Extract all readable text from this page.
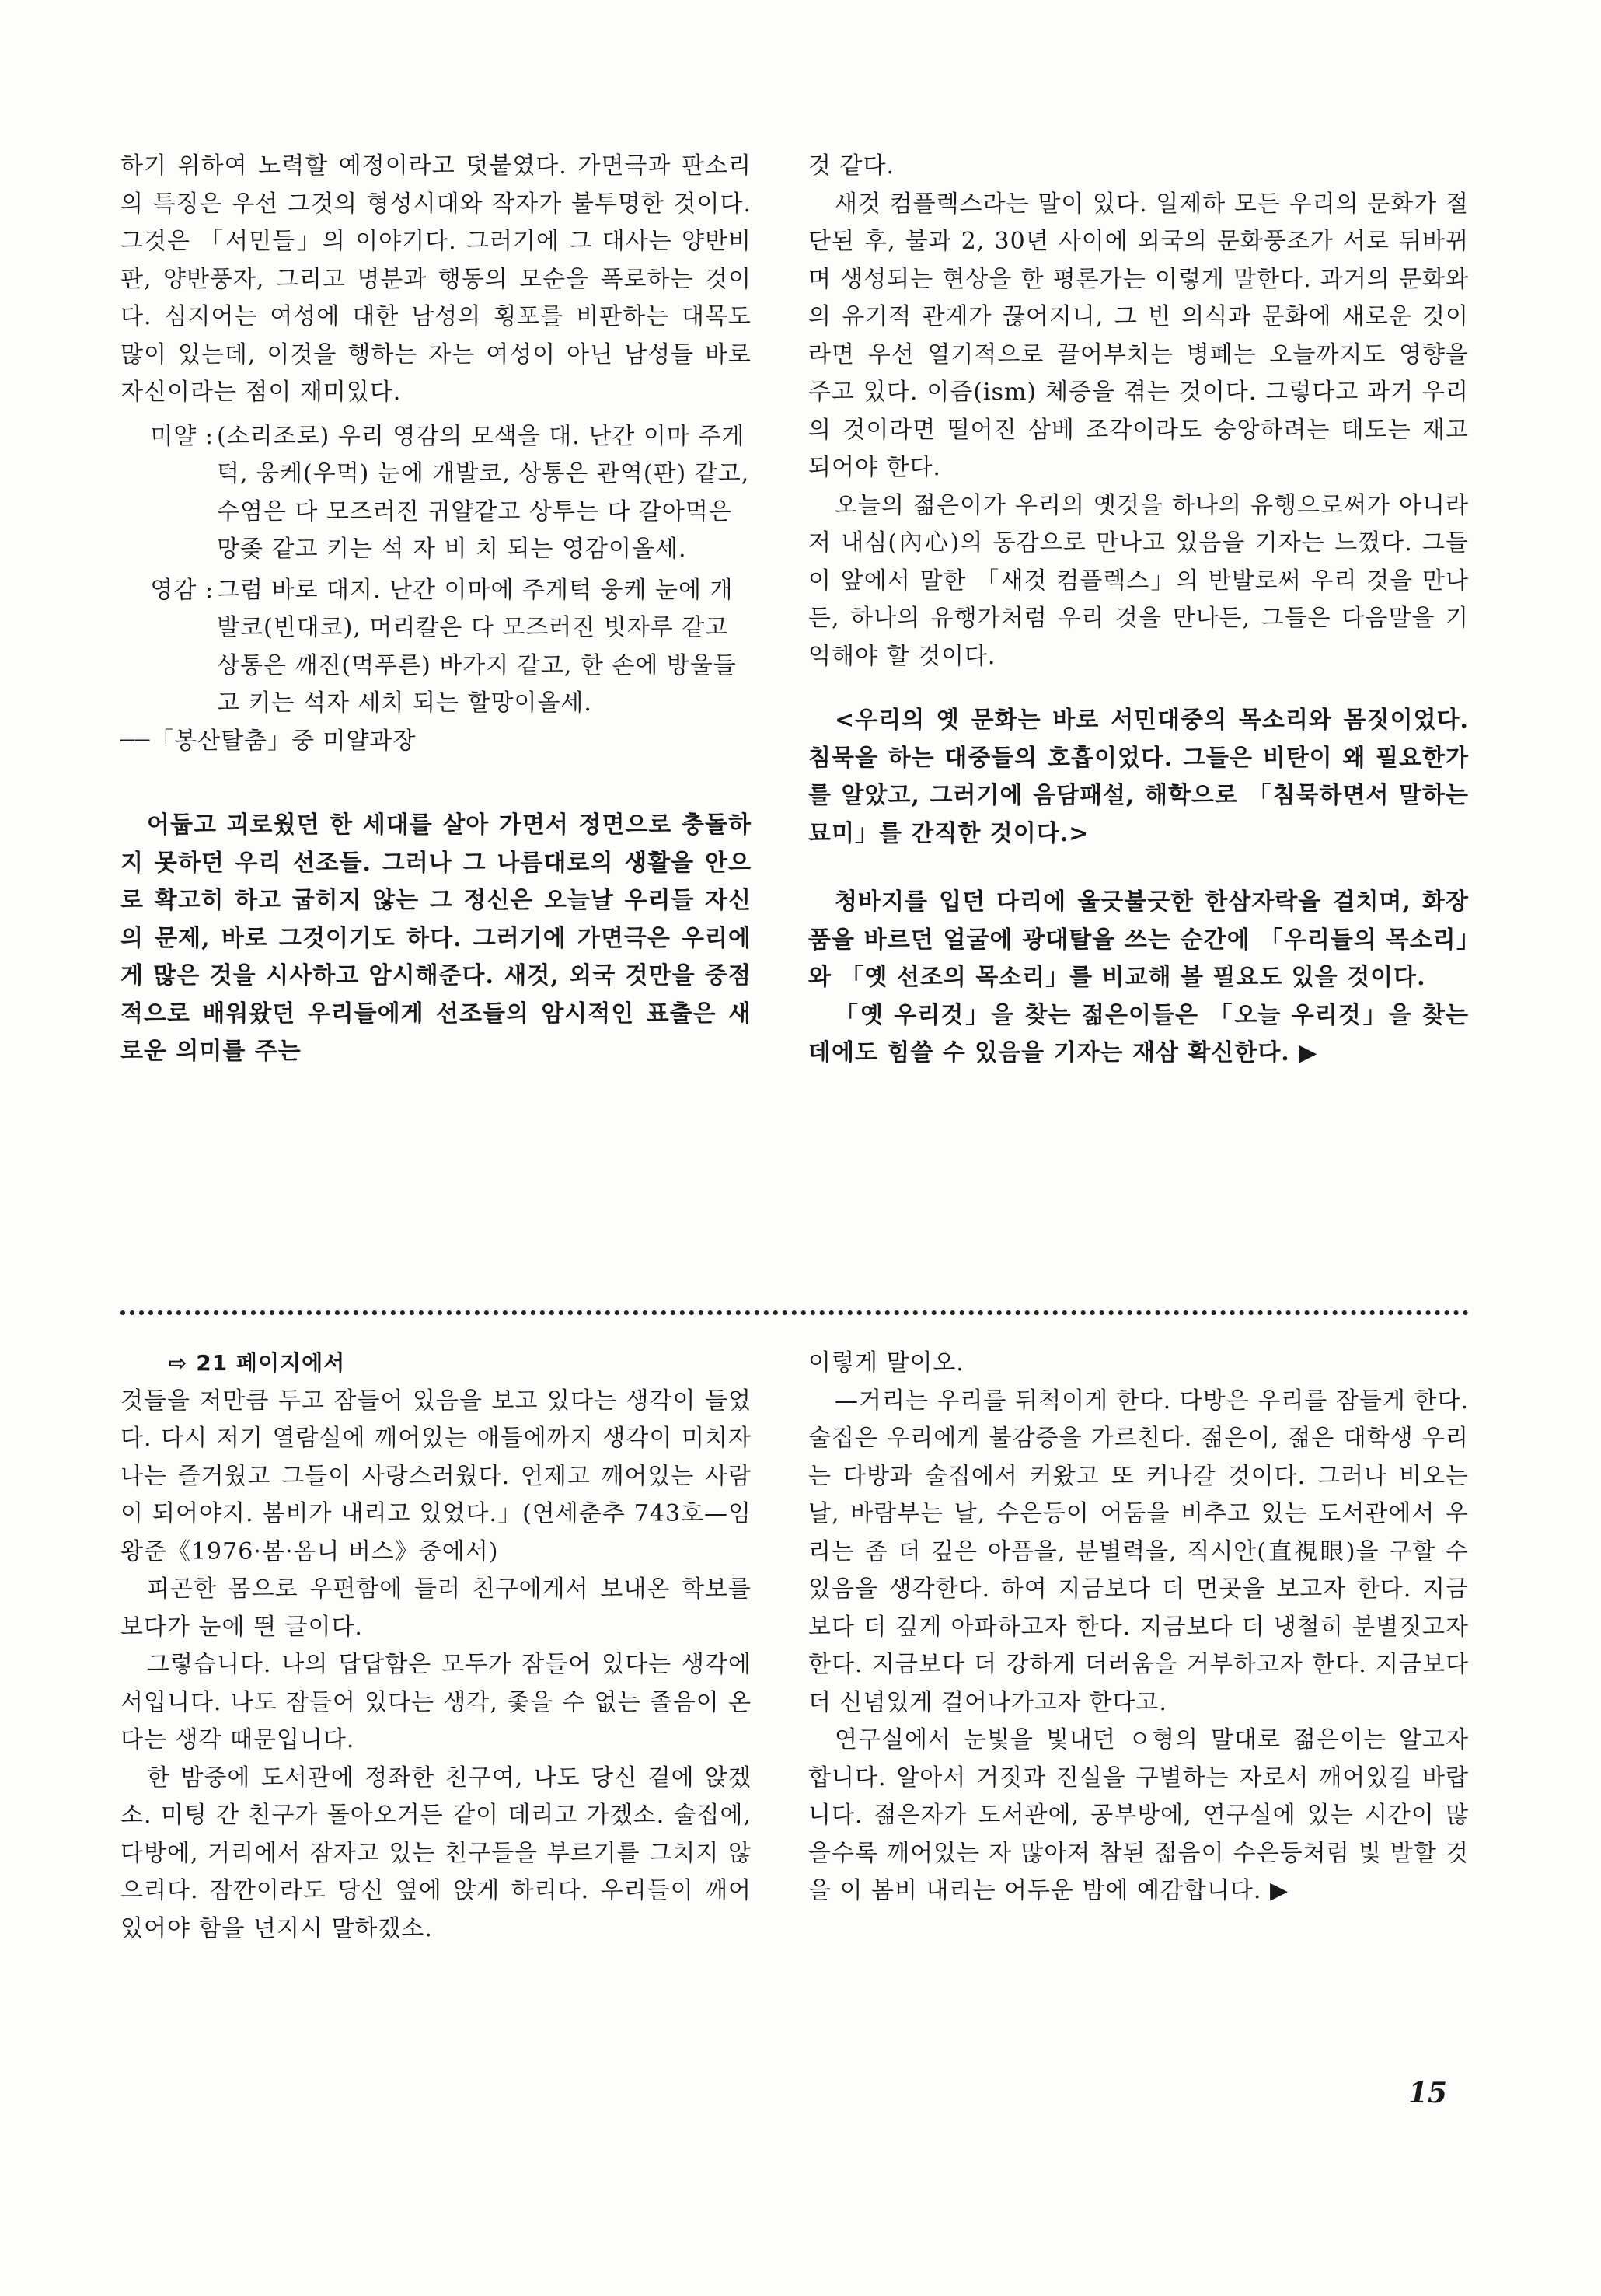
하기 위하여 노력할 예정이라고 덧붙였다. 가면극과 판소리의 특징은 우선 그것의 형성시대와 작자가 불투명한 것이다. 그것은 「서민들」의 이야기다. 그러기에 그 대사는 양반비판, 양반풍자, 그리고 명분과 행동의 모순을 폭로하는 것이다. 심지어는 여성에 대한 남성의 횡포를 비판하는 대목도 많이 있는데, 이것을 행하는 자는 여성이 아닌 남성들 바로 자신이라는 점이 재미있다.

미얄 : (소리조로) 우리 영감의 모색을 대. 난간 이마 주게턱, 웅케(우먹) 눈에 개발코, 상통은 관역(판) 같고, 수염은 다 모즈러진 귀얄같고 상투는 다 갈아먹은 망좆 같고 키는 석 자 비 치 되는 영감이올세.
영감 : 그럼 바로 대지. 난간 이마에 주게턱 웅케 눈에 개발코(빈대코), 머리칼은 다 모즈러진 빗자루 같고 상통은 깨진(먹푸른) 바가지 같고, 한 손에 방울들고 키는 석자 세치 되는 할망이올세.

──「봉산탈춤」중 미얄과장

어둡고 괴로웠던 한 세대를 살아 가면서 정면으로 충돌하지 못하던 우리 선조들. 그러나 그 나름대로의 생활을 안으로 확고히 하고 굽히지 않는 그 정신은 오늘날 우리들 자신의 문제, 바로 그것이기도 하다. 그러기에 가면극은 우리에게 많은 것을 시사하고 암시해준다. 새것, 외국 것만을 중점적으로 배워왔던 우리들에게 선조들의 암시적인 표출은 새로운 의미를 주는

것 같다.

새것 컴플렉스라는 말이 있다. 일제하 모든 우리의 문화가 절단된 후, 불과 2, 30년 사이에 외국의 문화풍조가 서로 뒤바뀌며 생성되는 현상을 한 평론가는 이렇게 말한다. 과거의 문화와의 유기적 관계가 끊어지니, 그 빈 의식과 문화에 새로운 것이라면 우선 열기적으로 끌어부치는 병폐는 오늘까지도 영향을 주고 있다. 이즘(ism) 체증을 겪는 것이다. 그렇다고 과거 우리의 것이라면 떨어진 삼베 조각이라도 숭앙하려는 태도는 재고되어야 한다.

오늘의 젊은이가 우리의 옛것을 하나의 유행으로써가 아니라 저 내심(內心)의 동감으로 만나고 있음을 기자는 느꼈다. 그들이 앞에서 말한 「새것 컴플렉스」의 반발로써 우리 것을 만나든, 하나의 유행가처럼 우리 것을 만나든, 그들은 다음말을 기억해야 할 것이다.

<우리의 옛 문화는 바로 서민대중의 목소리와 몸짓이었다. 침묵을 하는 대중들의 호흡이었다. 그들은 비탄이 왜 필요한가를 알았고, 그러기에 음담패설, 해학으로 「침묵하면서 말하는 묘미」를 간직한 것이다.>

청바지를 입던 다리에 울긋불긋한 한삼자락을 걸치며, 화장품을 바르던 얼굴에 광대탈을 쓰는 순간에 「우리들의 목소리」와 「옛 선조의 목소리」를 비교해 볼 필요도 있을 것이다.

「옛 우리것」을 찾는 젊은이들은 「오늘 우리것」을 찾는 데에도 힘쓸 수 있음을 기자는 재삼 확신한다. ▶

⇨ 21 페이지에서

것들을 저만큼 두고 잠들어 있음을 보고 있다는 생각이 들었다. 다시 저기 열람실에 깨어있는 애들에까지 생각이 미치자 나는 즐거웠고 그들이 사랑스러웠다. 언제고 깨어있는 사람이 되어야지. 봄비가 내리고 있었다.」(연세춘추 743호—임 왕준《1976·봄·옴니 버스》중에서)

피곤한 몸으로 우편함에 들러 친구에게서 보내온 학보를 보다가 눈에 띈 글이다.

그렇습니다. 나의 답답함은 모두가 잠들어 있다는 생각에서입니다. 나도 잠들어 있다는 생각, 좇을 수 없는 졸음이 온다는 생각 때문입니다.

한 밤중에 도서관에 정좌한 친구여, 나도 당신 곁에 앉겠소. 미팅 간 친구가 돌아오거든 같이 데리고 가겠소. 술집에, 다방에, 거리에서 잠자고 있는 친구들을 부르기를 그치지 않으리다. 잠깐이라도 당신 옆에 앉게 하리다. 우리들이 깨어 있어야 함을 넌지시 말하겠소.

이렇게 말이오.

—거리는 우리를 뒤척이게 한다. 다방은 우리를 잠들게 한다. 술집은 우리에게 불감증을 가르친다. 젊은이, 젊은 대학생 우리는 다방과 술집에서 커왔고 또 커나갈 것이다. 그러나 비오는 날, 바람부는 날, 수은등이 어둠을 비추고 있는 도서관에서 우리는 좀 더 깊은 아픔을, 분별력을, 직시안(直視眼)을 구할 수 있음을 생각한다. 하여 지금보다 더 먼곳을 보고자 한다. 지금보다 더 깊게 아파하고자 한다. 지금보다 더 냉철히 분별짓고자 한다. 지금보다 더 강하게 더러움을 거부하고자 한다. 지금보다 더 신념있게 걸어나가고자 한다고.

연구실에서 눈빛을 빛내던 ㅇ형의 말대로 젊은이는 알고자 합니다. 알아서 거짓과 진실을 구별하는 자로서 깨어있길 바랍니다. 젊은자가 도서관에, 공부방에, 연구실에 있는 시간이 많을수록 깨어있는 자 많아져 참된 젊음이 수은등처럼 빛 발할 것을 이 봄비 내리는 어두운 밤에 예감합니다. ▶

15
